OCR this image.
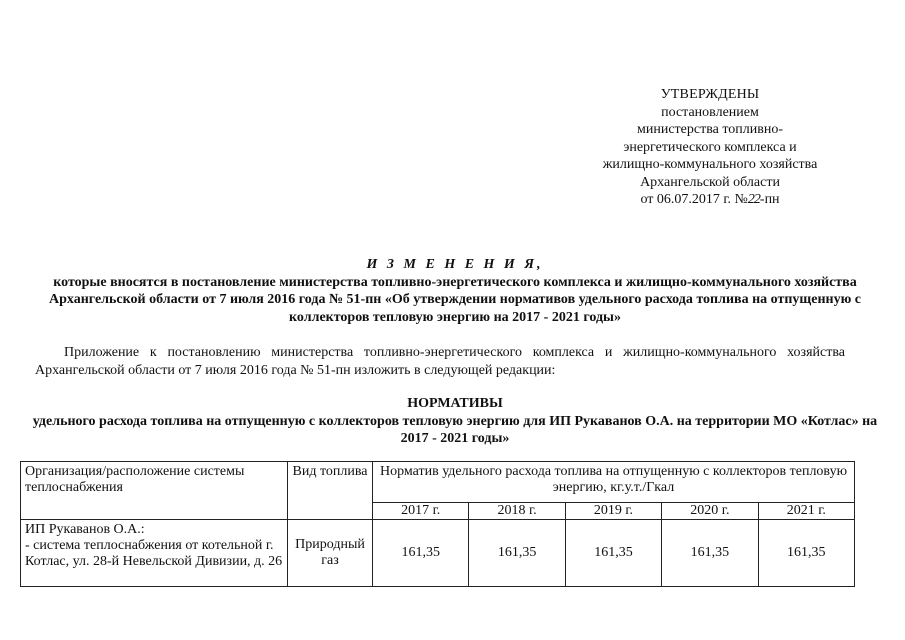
УТВЕРЖДЕНЫ
постановлением
министерства топливно-
энергетического комплекса и
жилищно-коммунального хозяйства
Архангельской области
от 06.07.2017 г. №22-пн
И З М Е Н Е Н И Я,
которые вносятся в постановление министерства топливно-энергетического комплекса и жилищно-коммунального хозяйства Архангельской области от 7 июля 2016 года № 51-пн «Об утверждении нормативов удельного расхода топлива на отпущенную с коллекторов тепловую энергию на 2017 - 2021 годы»
Приложение к постановлению министерства топливно-энергетического комплекса и жилищно-коммунального хозяйства Архангельской области от 7 июля 2016 года № 51-пн изложить в следующей редакции:
НОРМАТИВЫ
удельного расхода топлива на отпущенную с коллекторов тепловую энергию для ИП Рукаванов О.А. на территории МО «Котлас» на 2017 - 2021 годы»
Организация/расположение системы теплоснабжения	Вид топлива	Норматив удельного расхода топлива на отпущенную с коллекторов тепловую энергию, кг.у.т./Гкал				
		2017 г.	2018 г.	2019 г.	2020 г.	2021 г.

ИП Рукаванов О.А.:
- система теплоснабжения от котельной г. Котлас, ул. 28-й Невельской Дивизии, д. 26	Природный газ	161,35	161,35	161,35	161,35	161,35
